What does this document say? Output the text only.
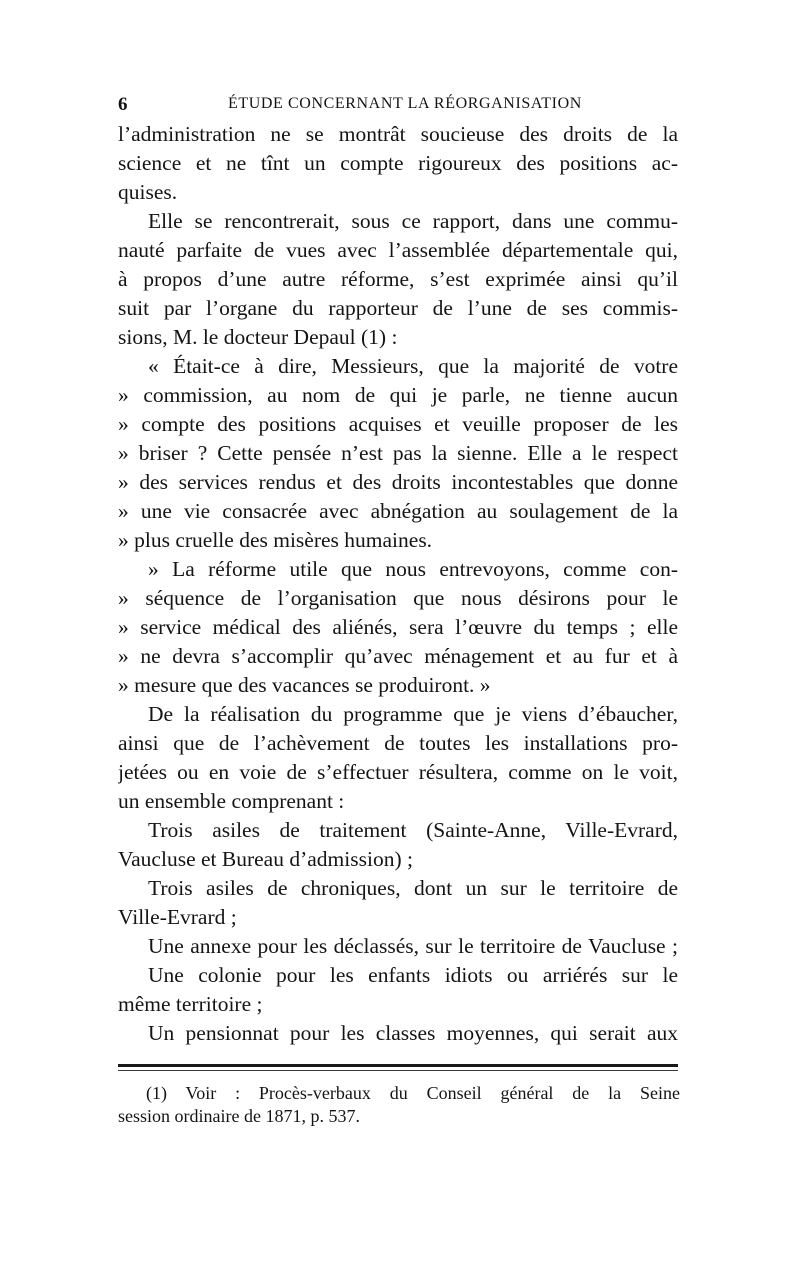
6	ÉTUDE CONCERNANT LA RÉORGANISATION
l’administration ne se montrât soucieuse des droits de la
science et ne tînt un compte rigoureux des positions ac-
quises.
Elle se rencontrerait, sous ce rapport, dans une commu-
nauté parfaite de vues avec l’assemblée départementale qui,
à propos d’une autre réforme, s’est exprimée ainsi qu’il
suit par l’organe du rapporteur de l’une de ses commis-
sions, M. le docteur Depaul (1) :
« Était-ce à dire, Messieurs, que la majorité de votre
» commission, au nom de qui je parle, ne tienne aucun
» compte des positions acquises et veuille proposer de les
» briser ? Cette pensée n’est pas la sienne. Elle a le respect
» des services rendus et des droits incontestables que donne
» une vie consacrée avec abnégation au soulagement de la
» plus cruelle des misères humaines.
» La réforme utile que nous entrevoyons, comme con-
» séquence de l’organisation que nous désirons pour le
» service médical des aliénés, sera l’œuvre du temps ; elle
» ne devra s’accomplir qu’avec ménagement et au fur et à
» mesure que des vacances se produiront. »
De la réalisation du programme que je viens d’ébaucher,
ainsi que de l’achèvement de toutes les installations pro-
jetées ou en voie de s’effectuer résultera, comme on le voit,
un ensemble comprenant :
Trois asiles de traitement (Sainte-Anne, Ville-Evrard,
Vaucluse et Bureau d’admission) ;
Trois asiles de chroniques, dont un sur le territoire de
Ville-Evrard ;
Une annexe pour les déclassés, sur le territoire de Vaucluse ;
Une colonie pour les enfants idiots ou arriérés sur le
même territoire ;
Un pensionnat pour les classes moyennes, qui serait aux
(1) Voir : Procès-verbaux du Conseil général de la Seine
session ordinaire de 1871, p. 537.
